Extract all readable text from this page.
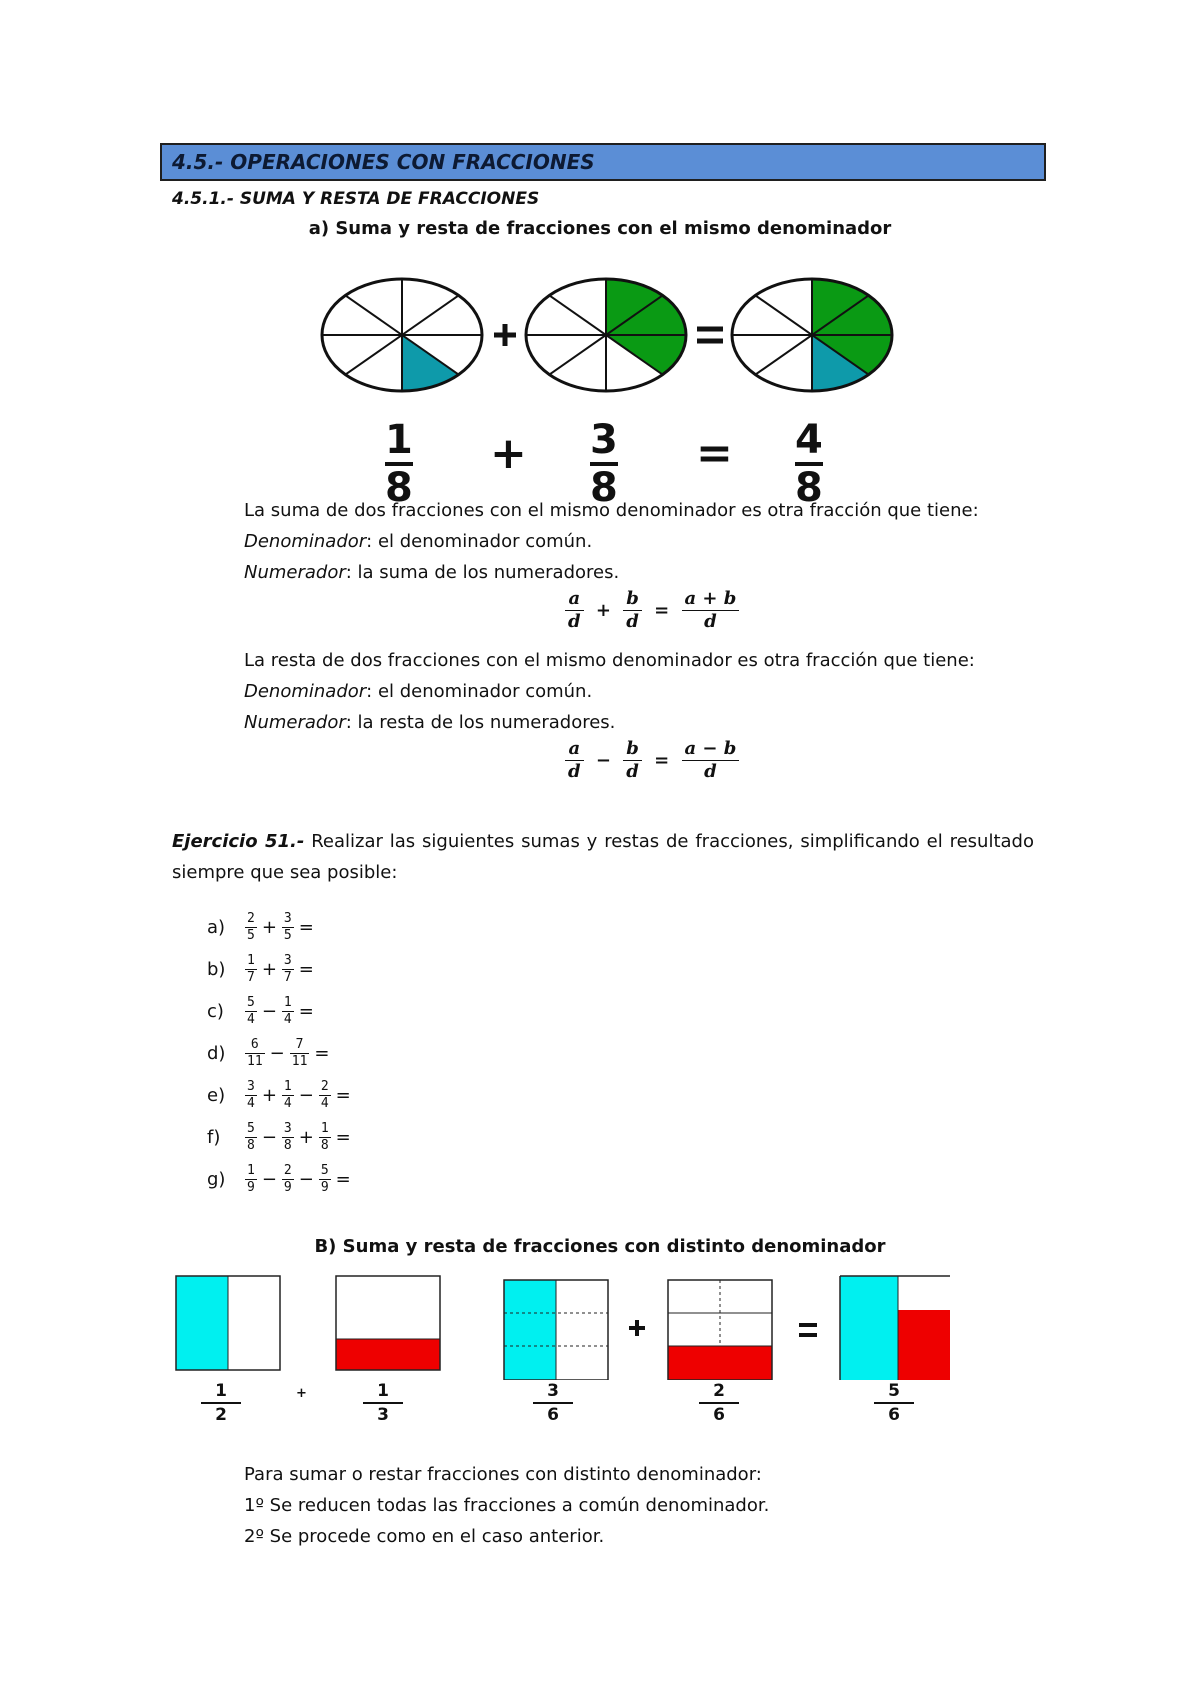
4.5.- OPERACIONES CON FRACCIONES
4.5.1.- SUMA Y RESTA DE FRACCIONES
a) Suma y resta de fracciones con el mismo denominador
1
8
+ 3
8
= 4
8
La suma de dos fracciones con el mismo denominador es otra fracción que tiene:
Denominador: el denominador común.
Numerador: la suma de los numeradores.
$\frac{a}{d} + \frac{b}{d} = \frac{a + b}{d}$
La resta de dos fracciones con el mismo denominador es otra fracción que tiene:
Denominador: el denominador común.
Numerador: la resta de los numeradores.
$\frac{a}{d} - \frac{b}{d} = \frac{a - b}{d}$
Ejercicio 51.- Realizar las siguientes sumas y restas de fracciones, simplificando el resultado siempre que sea posible:
a)	$\frac{2}{5} + \frac{3}{5}$ =
b)	$\frac{1}{7} + \frac{3}{7}$ =
c)	$\frac{5}{4} - \frac{1}{4}$ =
d)	$\frac{6}{11} - \frac{7}{11}$ =
e)	$\frac{3}{4} + \frac{1}{4} - \frac{2}{4}$ =
f)	$\frac{5}{8} - \frac{3}{8} + \frac{1}{8}$ =
g)	$\frac{1}{9} - \frac{2}{9} - \frac{5}{9}$ =
B) Suma y resta de fracciones con distinto denominador
1
2
+	1
3
3
6
2
6
5
6
Para sumar o restar fracciones con distinto denominador:
1º Se reducen todas las fracciones a común denominador.
2º Se procede como en el caso anterior.
